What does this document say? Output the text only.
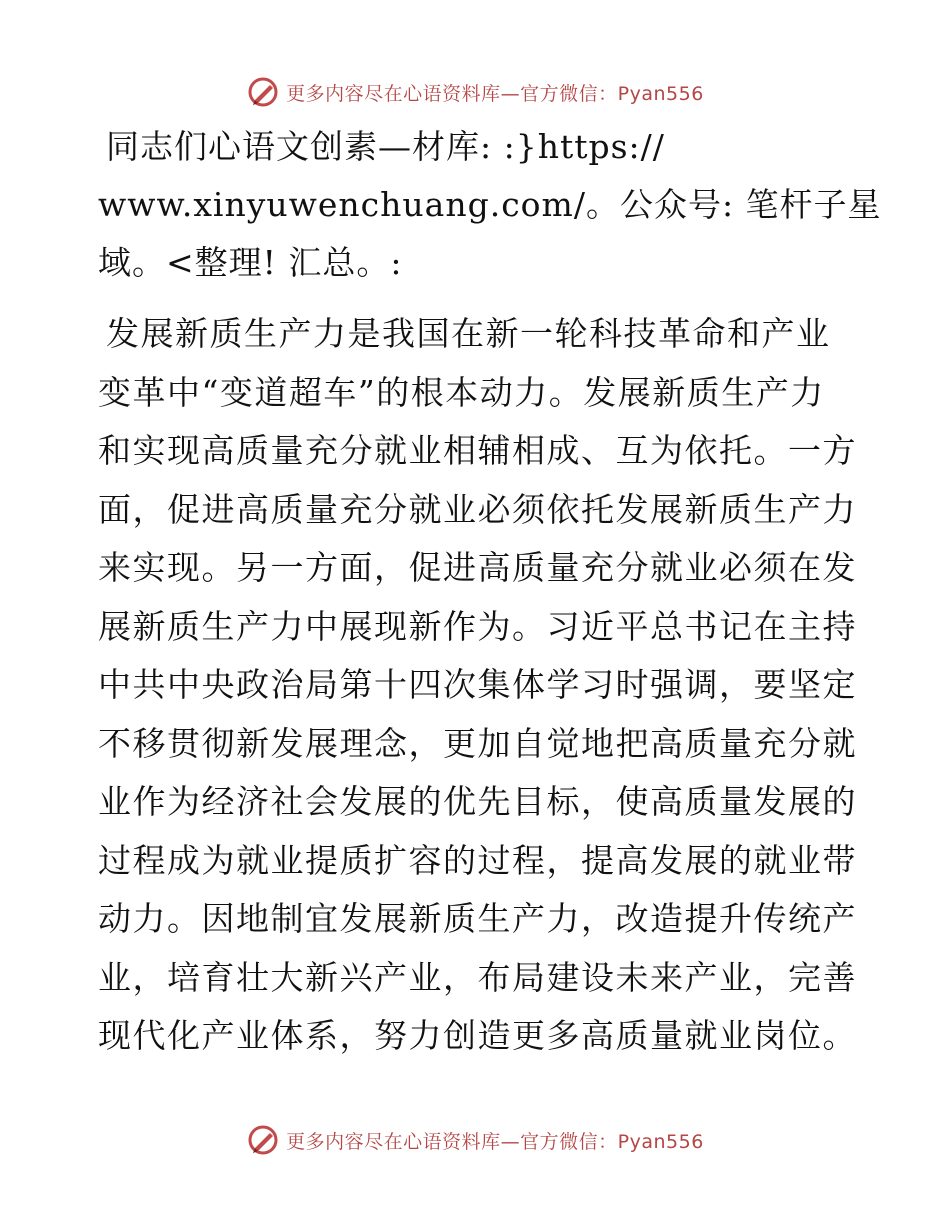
更多内容尽在心语资料库—官方微信：Pyan556
同志们心语文创素—材库: :}https://
www.xinyuwenchuang.com/。公众号: 笔杆子星
域。<整理! 汇总。:
发展新质生产力是我国在新一轮科技革命和产业
变革中“变道超车”的根本动力。发展新质生产力
和实现高质量充分就业相辅相成、互为依托。一方
面，促进高质量充分就业必须依托发展新质生产力
来实现。另一方面，促进高质量充分就业必须在发
展新质生产力中展现新作为。习近平总书记在主持
中共中央政治局第十四次集体学习时强调，要坚定
不移贯彻新发展理念，更加自觉地把高质量充分就
业作为经济社会发展的优先目标，使高质量发展的
过程成为就业提质扩容的过程，提高发展的就业带
动力。因地制宜发展新质生产力，改造提升传统产
业，培育壮大新兴产业，布局建设未来产业，完善
现代化产业体系，努力创造更多高质量就业岗位。
更多内容尽在心语资料库—官方微信：Pyan556
